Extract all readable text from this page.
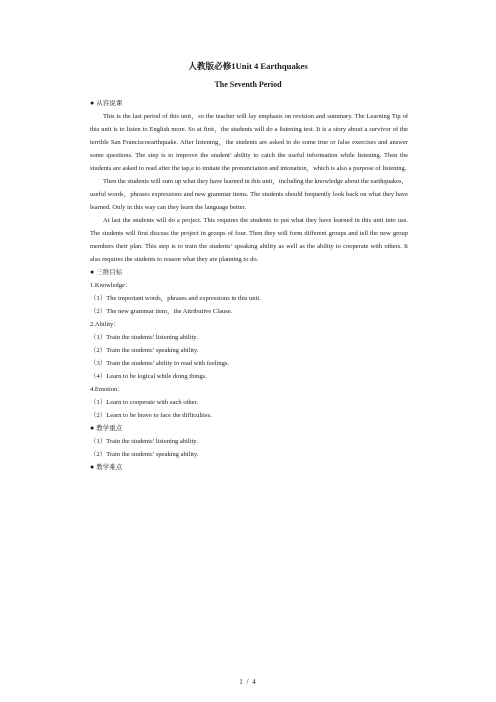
人教版必修1Unit 4 Earthquakes
The Seventh Period

● 从容说课

This is the last period of this unit，so the teacher will lay emphasis on revision and summary. The Learning Tip of this unit is to listen to English more. So at first，the students will do a listening test. It is a story about a survivor of the terrible San Franciscoearthquake. After listening，the students are asked to do some true or false exercises and answer some questions. The step is to improve the student’ ability to catch the useful information while listening. Then the students are asked to read after the tap,e to imitate the pronunciation and intonation，which is also a purpose of listening.

Then the students will sum up what they have learned in this unit，including the knowledge about the earthquakes，useful words，phrases expressions and new grammar items. The students should frequently look back on what they have learned. Only in this way can they learn the language better.

At last the students will do a project. This requires the students to put what they have learned in this unit into use. The students will first discuss the project in groups of four. Then they will form different groups and tell the new group members their plan. This step is to train the students’ speaking ability as well as the ability to cooperate with others. It also requires the students to reason what they are planning to do.

● 三维目标

1.Knowledge：

（1）The important words，phrases and expressions in this unit.

（2）The new grammar item，the Attributive Clause.

2.Ability：

（1）Train the students’ listening ability.

（2）Train the students’ speaking ability.

（3）Train the students’ ability to read with feelings.

（4）Learn to be logical while doing things.

4.Emotion：

（1）Learn to cooperate with each other.

（2）Learn to be brave to face the difficulties.

● 教学重点

（1）Train the students’ listening ability.

（2）Train the students’ speaking ability.

● 教学难点

1 / 4
